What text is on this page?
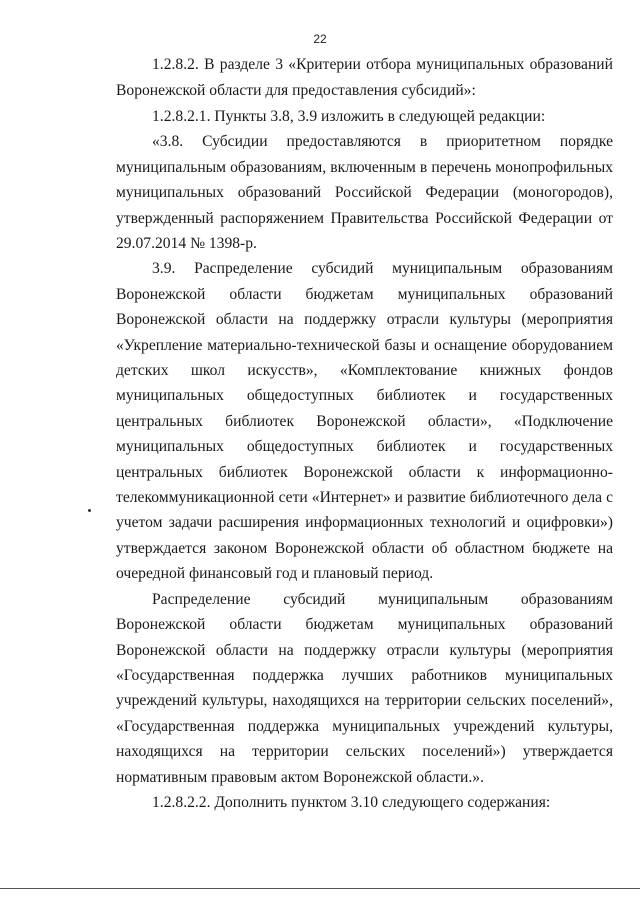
22

1.2.8.2. В разделе 3 «Критерии отбора муниципальных образований Воронежской области для предоставления субсидий»:

1.2.8.2.1. Пункты 3.8, 3.9 изложить в следующей редакции:

«3.8. Субсидии предоставляются в приоритетном порядке муниципальным образованиям, включенным в перечень монопрофильных муниципальных образований Российской Федерации (моногородов), утвержденный распоряжением Правительства Российской Федерации от 29.07.2014 № 1398-р.

3.9. Распределение субсидий муниципальным образованиям Воронежской области бюджетам муниципальных образований Воронежской области на поддержку отрасли культуры (мероприятия «Укрепление материально-технической базы и оснащение оборудованием детских школ искусств», «Комплектование книжных фондов муниципальных общедоступных библиотек и государственных центральных библиотек Воронежской области», «Подключение муниципальных общедоступных библиотек и государственных центральных библиотек Воронежской области к информационно-телекоммуникационной сети «Интернет» и развитие библиотечного дела с учетом задачи расширения информационных технологий и оцифровки») утверждается законом Воронежской области об областном бюджете на очередной финансовый год и плановый период.

Распределение субсидий муниципальным образованиям Воронежской области бюджетам муниципальных образований Воронежской области на поддержку отрасли культуры (мероприятия «Государственная поддержка лучших работников муниципальных учреждений культуры, находящихся на территории сельских поселений», «Государственная поддержка муниципальных учреждений культуры, находящихся на территории сельских поселений») утверждается нормативным правовым актом Воронежской области.».

1.2.8.2.2. Дополнить пунктом 3.10 следующего содержания:
